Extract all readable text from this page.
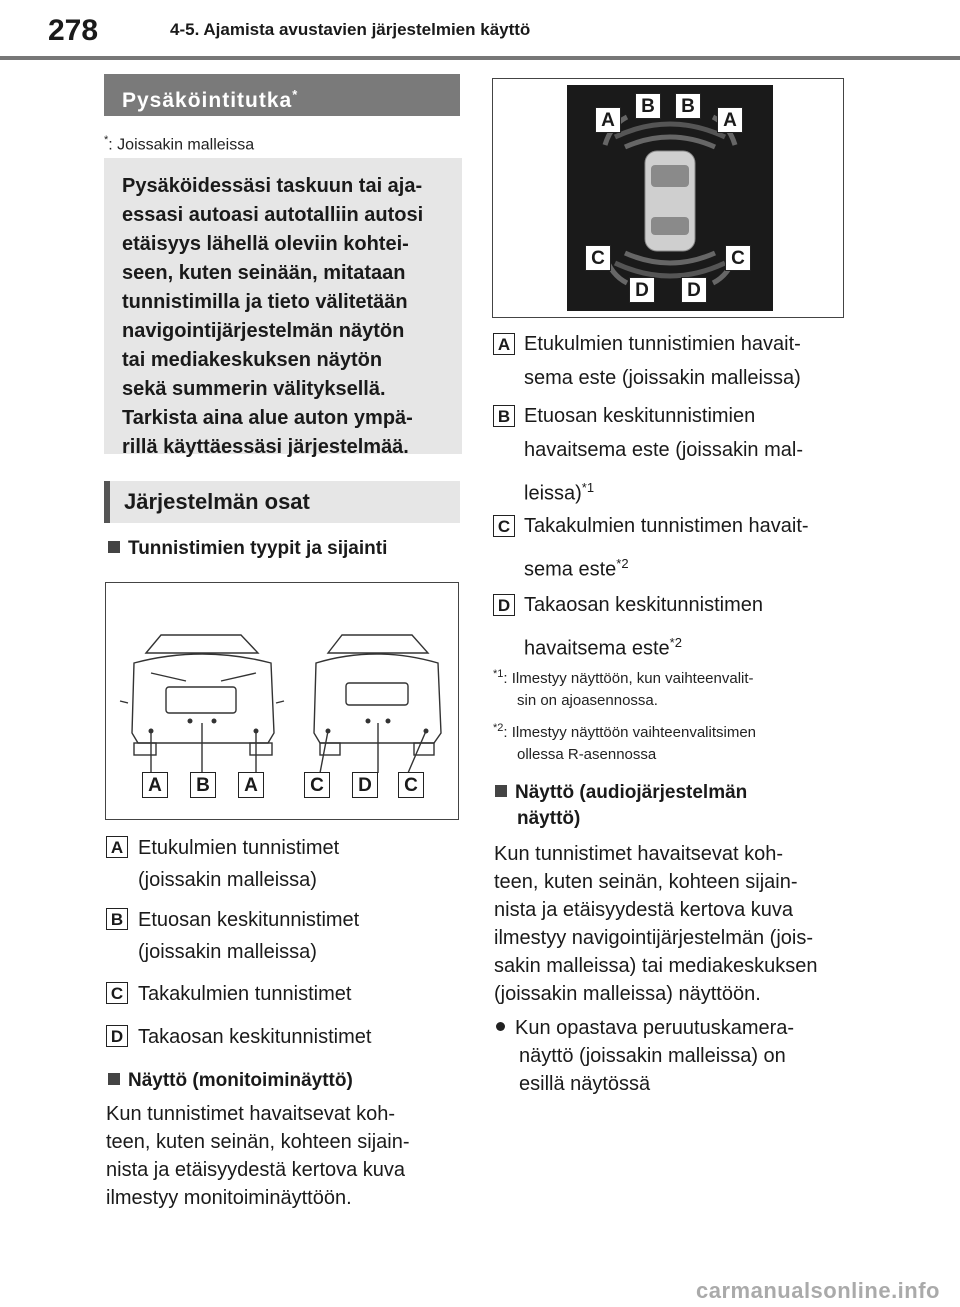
278	4-5. Ajamista avustavien järjestelmien käyttö
Pysäköintitutka*
*: Joissakin malleissa
Pysäköidessäsi taskuun tai aja-
essasi autoasi autotalliin autosi
etäisyys lähellä oleviin kohtei-
seen, kuten seinään, mitataan
tunnistimilla ja tieto välitetään
navigointijärjestelmän näytön
tai mediakeskuksen näytön
sekä summerin välityksellä.
Tarkista aina alue auton ympä-
rillä käyttäessäsi järjestelmää.
Järjestelmän osat
Tunnistimien tyypit ja sijainti
A	B	A	C	D	C
A Etukulmien tunnistimet
(joissakin malleissa)
B Etuosan keskitunnistimet
(joissakin malleissa)
C Takakulmien tunnistimet
D Takaosan keskitunnistimet
Näyttö (monitoiminäyttö)
Kun tunnistimet havaitsevat koh-
teen, kuten seinän, kohteen sijain-
nista ja etäisyydestä kertova kuva
ilmestyy monitoiminäyttöön.
A
B	B
A
C	C
D	D
A Etukulmien tunnistimien havait-
sema este (joissakin malleissa)
B Etuosan keskitunnistimien
havaitsema este (joissakin mal-
leissa)$^{*1}$
C Takakulmien tunnistimen havait-
sema este$^{*2}$
D Takaosan keskitunnistimen
havaitsema este$^{*2}$
$^{*1}$: Ilmestyy näyttöön, kun vaihteenvalit-
sin on ajoasennossa.
$^{*2}$: Ilmestyy näyttöön vaihteenvalitsimen
ollessa R-asennossa
Näyttö (audiojärjestelmän
näyttö)
Kun tunnistimet havaitsevat koh-
teen, kuten seinän, kohteen sijain-
nista ja etäisyydestä kertova kuva
ilmestyy navigointijärjestelmän (jois-
sakin malleissa) tai mediakeskuksen
(joissakin malleissa) näyttöön.
Kun opastava peruutuskamera-
näyttö (joissakin malleissa) on
esillä näytössä
carmanualsonline.info
